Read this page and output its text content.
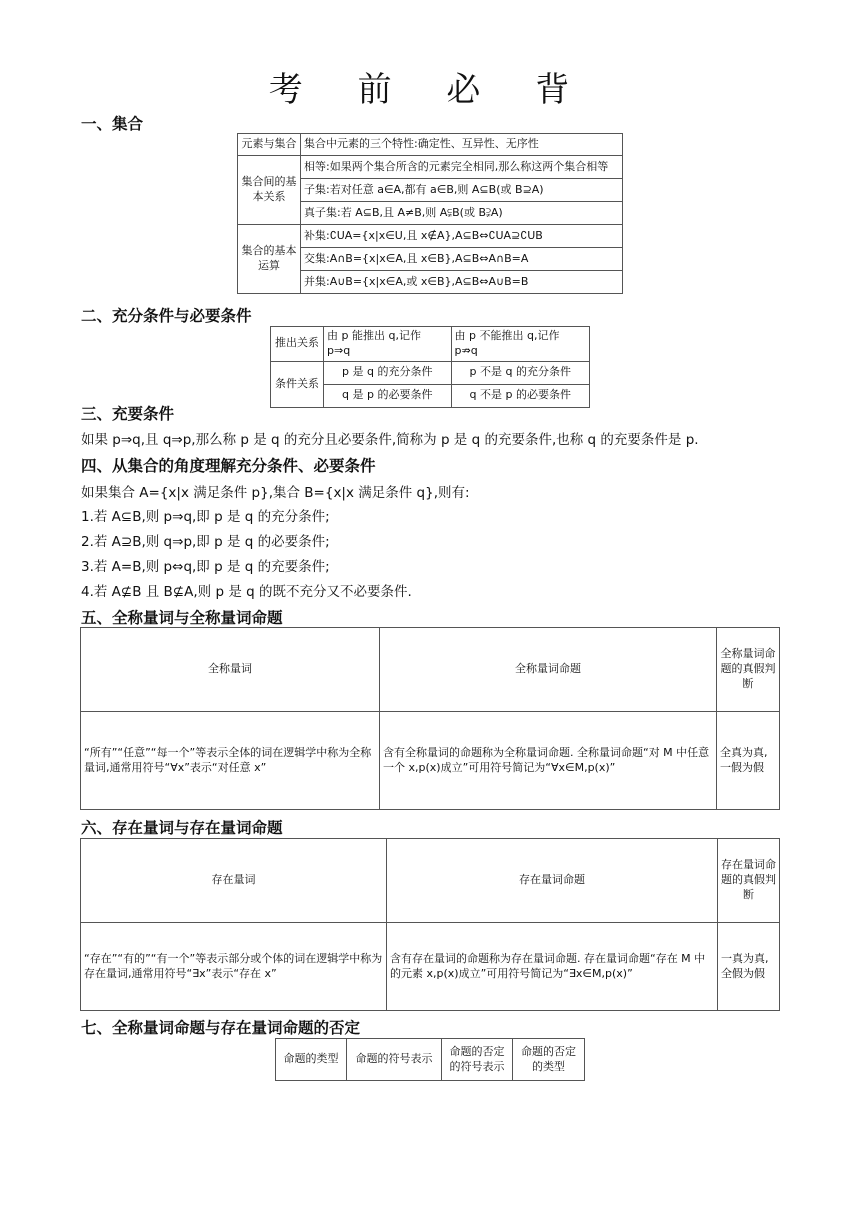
考 前 必 背
一、集合
元素与集合	集合中元素的三个特性:确定性、互异性、无序性
集合间的基本关系	相等:如果两个集合所含的元素完全相同,那么称这两个集合相等
	子集:若对任意 a∈A,都有 a∈B,则 A⊆B(或 B⊇A)
	真子集:若 A⊆B,且 A≠B,则 A⫋B(或 B⫌A)
集合的基本运算	补集:∁UA={x|x∈U,且 x∉A},A⊆B⇔∁UA⊇∁UB
	交集:A∩B={x|x∈A,且 x∈B},A⊆B⇔A∩B=A
	并集:A∪B={x|x∈A,或 x∈B},A⊆B⇔A∪B=B
二、充分条件与必要条件
推出关系	由 p 能推出 q,记作 p⇒q	由 p 不能推出 q,记作 p⇏q
条件关系	p 是 q 的充分条件	p 不是 q 的充分条件
	q 是 p 的必要条件	q 不是 p 的必要条件
三、充要条件
如果 p⇒q,且 q⇒p,那么称 p 是 q 的充分且必要条件,简称为 p 是 q 的充要条件,也称 q 的充要条件是 p.
四、从集合的角度理解充分条件、必要条件
如果集合 A={x|x 满足条件 p},集合 B={x|x 满足条件 q},则有:
1.若 A⊆B,则 p⇒q,即 p 是 q 的充分条件;
2.若 A⊇B,则 q⇒p,即 p 是 q 的必要条件;
3.若 A=B,则 p⇔q,即 p 是 q 的充要条件;
4.若 A⊈B 且 B⊈A,则 p 是 q 的既不充分又不必要条件.
五、全称量词与全称量词命题
全称量词	全称量词命题	全称量词命题的真假判断
“所有”“任意”“每一个”等表示全体的词在逻辑学中称为全称量词,通常用符号“∀x”表示“对任意 x”	含有全称量词的命题称为全称量词命题. 全称量词命题“对 M 中任意一个 x,p(x)成立”可用符号简记为“∀x∈M,p(x)”	全真为真,一假为假
六、存在量词与存在量词命题
存在量词	存在量词命题	存在量词命题的真假判断
“存在”“有的”“有一个”等表示部分或个体的词在逻辑学中称为存在量词,通常用符号“∃x”表示“存在 x”	含有存在量词的命题称为存在量词命题. 存在量词命题“存在 M 中的元素 x,p(x)成立”可用符号简记为“∃x∈M,p(x)”	一真为真,全假为假
七、全称量词命题与存在量词命题的否定
命题的类型	命题的符号表示	命题的否定的符号表示	命题的否定的类型
